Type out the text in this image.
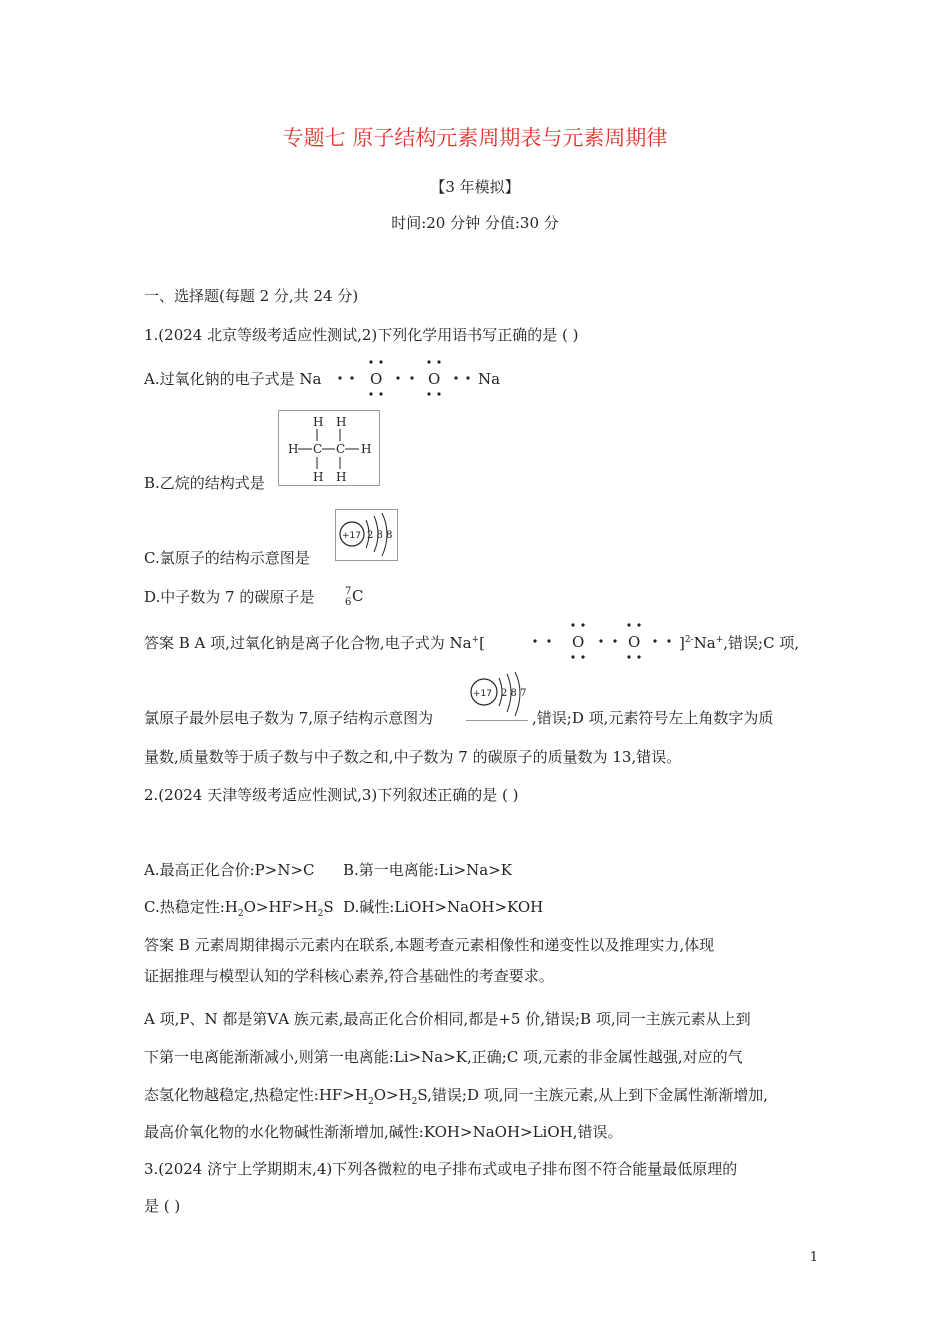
专题七 原子结构元素周期表与元素周期律
【3 年模拟】
时间:20 分钟 分值:30 分
一、选择题(每题 2 分,共 24 分)
1.(2024 北京等级考适应性测试,2)下列化学用语书写正确的是 ( )
A.过氧化钠的电子式是 Na	O	O	Na
B.乙烷的结构式是
H H
H C C H
H H
C.氯原子的结构示意图是
+17 2 8 8
D.中子数为 7 的碳原子是	7
6 C
答案 B A 项,过氧化钠是离子化合物,电子式为 Na+[	O	O	]$^{2-}$Na+,错误;C 项,
氯原子最外层电子数为 7,原子结构示意图为
+17 2 8 7
,错误;D 项,元素符号左上角数字为质
量数,质量数等于质子数与中子数之和,中子数为 7 的碳原子的质量数为 13,错误。
2.(2024 天津等级考适应性测试,3)下列叙述正确的是 ( )
A.最高正化合价:P>N>C B.第一电离能:Li>Na>K
C.热稳定性$:H_2O>HF>H_2S$ D.碱性:LiOH>NaOH>KOH
答案 B 元素周期律揭示元素内在联系,本题考查元素相像性和递变性以及推理实力,体现
证据推理与模型认知的学科核心素养,符合基础性的考查要求。
A 项,P、N 都是第ⅤA 族元素,最高正化合价相同,都是+5 价,错误;B 项,同一主族元素从上到
下第一电离能渐渐减小,则第一电离能:Li>Na>K,正确;C 项,元素的非金属性越强,对应的气
态氢化物越稳定,热稳定性$:HF>H_2O>H_2S$,错误;D 项,同一主族元素,从上到下金属性渐渐增加,
最高价氧化物的水化物碱性渐渐增加,碱性:KOH>NaOH>LiOH,错误。
3.(2024 济宁上学期期末,4)下列各微粒的电子排布式或电子排布图不符合能量最低原理的
是 ( )
1
